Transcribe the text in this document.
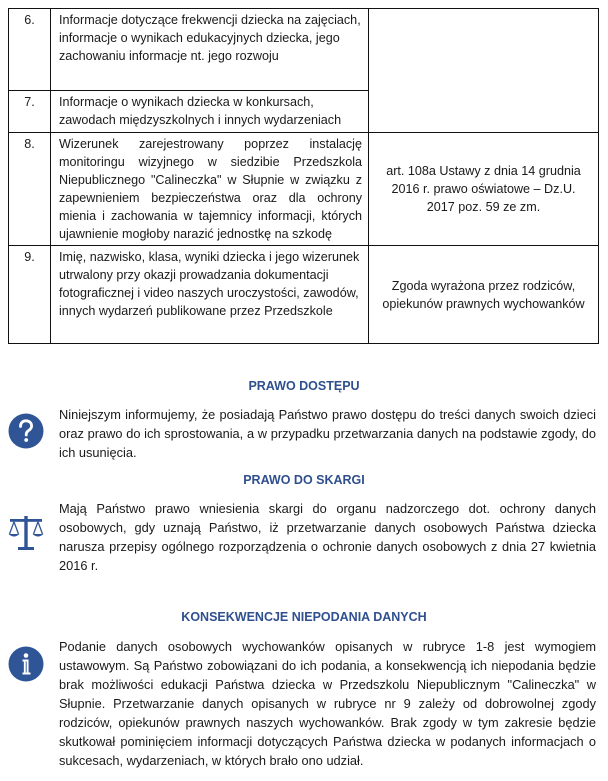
6.	Informacje dotyczące frekwencji dziecka na zajęciach, informacje o wynikach edukacyjnych dziecka, jego zachowaniu informacje nt. jego rozwoju	
7.	Informacje o wynikach dziecka w konkursach, zawodach międzyszkolnych i innych wydarzeniach	
8.	Wizerunek zarejestrowany poprzez instalację monitoringu wizyjnego w siedzibie Przedszkola Niepublicznego "Calineczka" w Słupnie w związku z zapewnieniem bezpieczeństwa oraz dla ochrony mienia i zachowania w tajemnicy informacji, których ujawnienie mogłoby narazić jednostkę na szkodę	art. 108a Ustawy z dnia 14 grudnia 2016 r. prawo oświatowe – Dz.U. 2017 poz. 59 ze zm.
9.	Imię, nazwisko, klasa, wyniki dziecka i jego wizerunek utrwalony przy okazji prowadzania dokumentacji fotograficznej i video naszych uroczystości, zawodów, innych wydarzeń publikowane przez Przedszkole	Zgoda wyrażona przez rodziców, opiekunów prawnych wychowanków
PRAWO DOSTĘPU
Niniejszym informujemy, że posiadają Państwo prawo dostępu do treści danych swoich dzieci oraz prawo do ich sprostowania, a w przypadku przetwarzania danych na podstawie zgody, do ich usunięcia.
PRAWO DO SKARGI
Mają Państwo prawo wniesienia skargi do organu nadzorczego dot. ochrony danych osobowych, gdy uznają Państwo, iż przetwarzanie danych osobowych Państwa dziecka narusza przepisy ogólnego rozporządzenia o ochronie danych osobowych z dnia 27 kwietnia 2016 r.
KONSEKWENCJE NIEPODANIA DANYCH
Podanie danych osobowych wychowanków opisanych w rubryce 1-8 jest wymogiem ustawowym. Są Państwo zobowiązani do ich podania, a konsekwencją ich niepodania będzie brak możliwości edukacji Państwa dziecka w Przedszkolu Niepublicznym "Calineczka" w Słupnie. Przetwarzanie danych opisanych w rubryce nr 9 zależy od dobrowolnej zgody rodziców, opiekunów prawnych naszych wychowanków. Brak zgody w tym zakresie będzie skutkował pominięciem informacji dotyczących Państwa dziecka w podanych informacjach o sukcesach, wydarzeniach, w których brało ono udział.
